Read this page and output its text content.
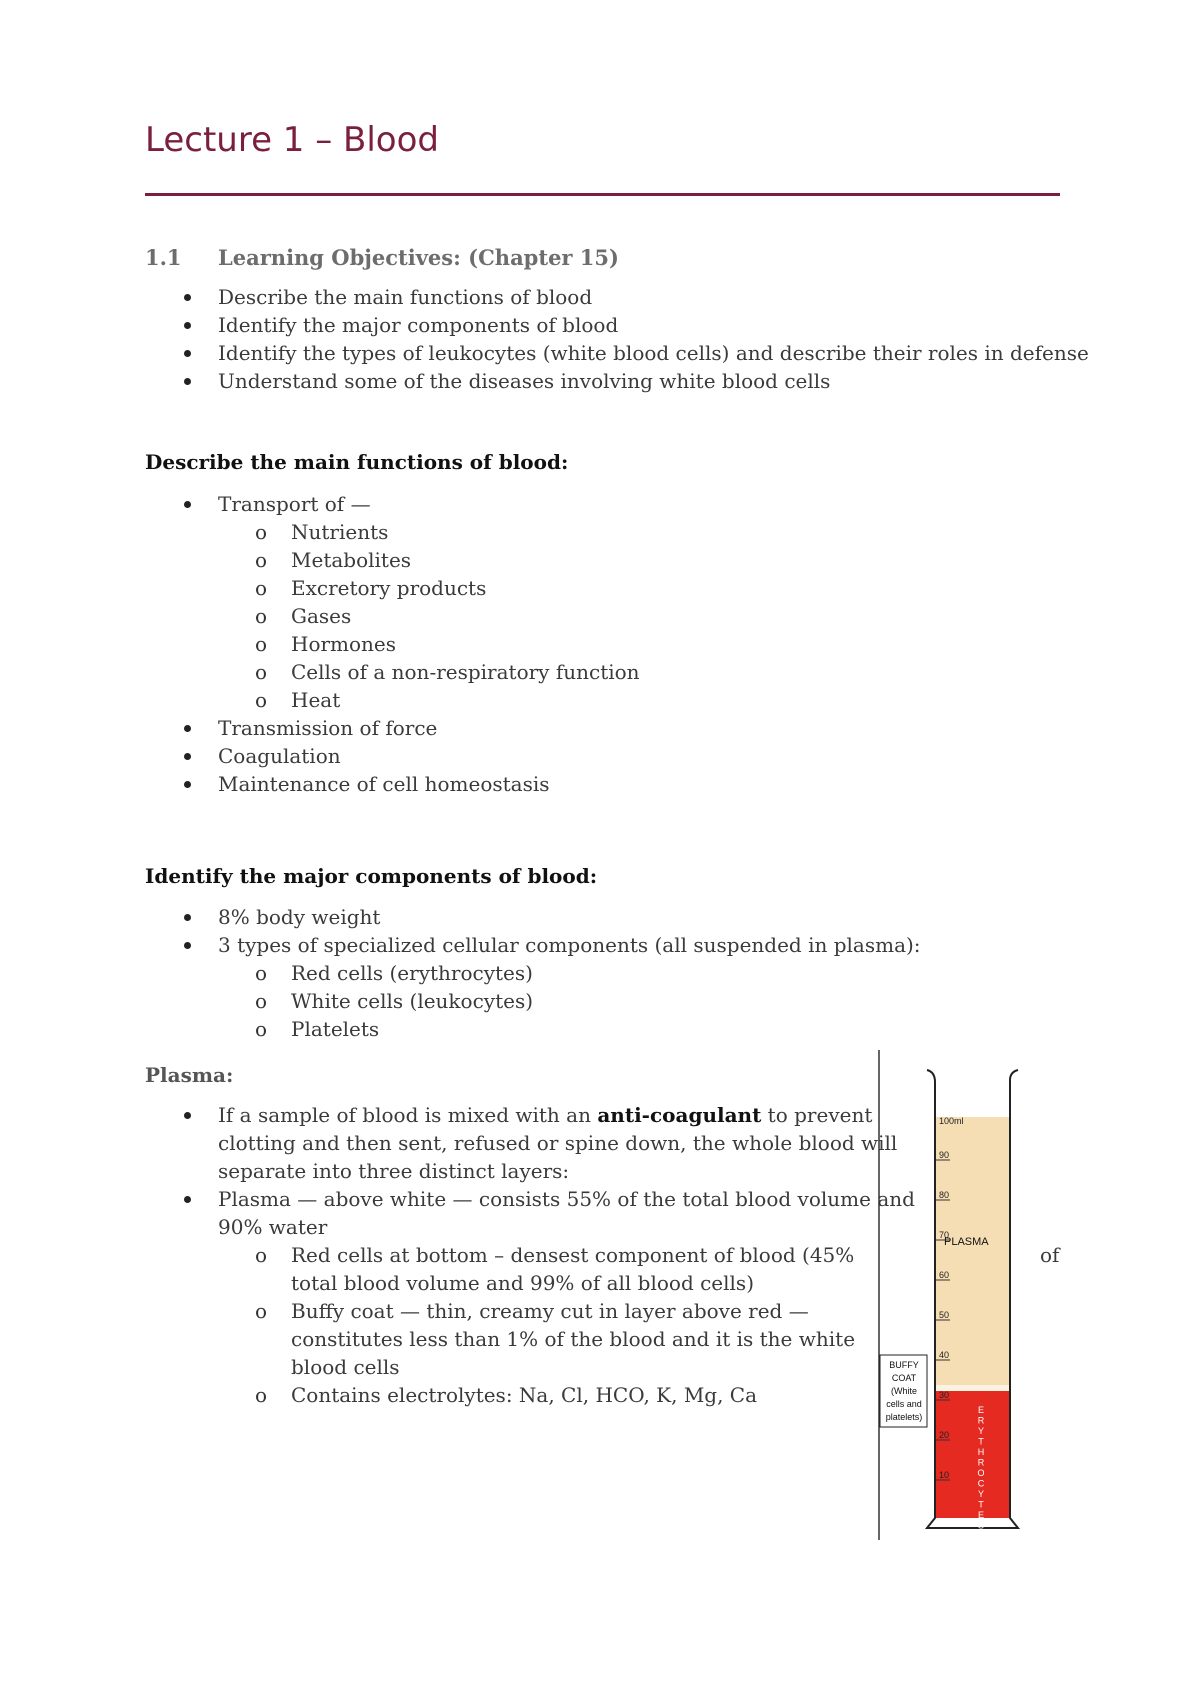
Lecture 1 – Blood
1.1 Learning Objectives: (Chapter 15)
Describe the main functions of blood
Identify the major components of blood
Identify the types of leukocytes (white blood cells) and describe their roles in defense
Understand some of the diseases involving white blood cells
Describe the main functions of blood:
Transport of —
o Nutrients
o Metabolites
o Excretory products
o Gases
o Hormones
o Cells of a non-respiratory function
o Heat
Transmission of force
Coagulation
Maintenance of cell homeostasis
Identify the major components of blood:
8% body weight
3 types of specialized cellular components (all suspended in plasma):
o Red cells (erythrocytes)
o White cells (leukocytes)
o Platelets
Plasma:
If a sample of blood is mixed with an anti-coagulant to prevent clotting and then sent, refused or spine down, the whole blood will separate into three distinct layers:
Plasma — above white — consists 55% of the total blood volume and 90% water
o Red cells at bottom – densest component of blood (45% total blood volume and 99% of all blood cells)
o Buffy coat — thin, creamy cut in layer above red — constitutes less than 1% of the blood and it is the white blood cells
o Contains electrolytes: Na, Cl, HCO, K, Mg, Ca
of
100ml
90
80
70
60
50
40
30
20
10
PLASMA
BUFFY
COAT
(White
cells and
platelets)
E
R
Y
T
H
R
O
C
Y
T
E
S
